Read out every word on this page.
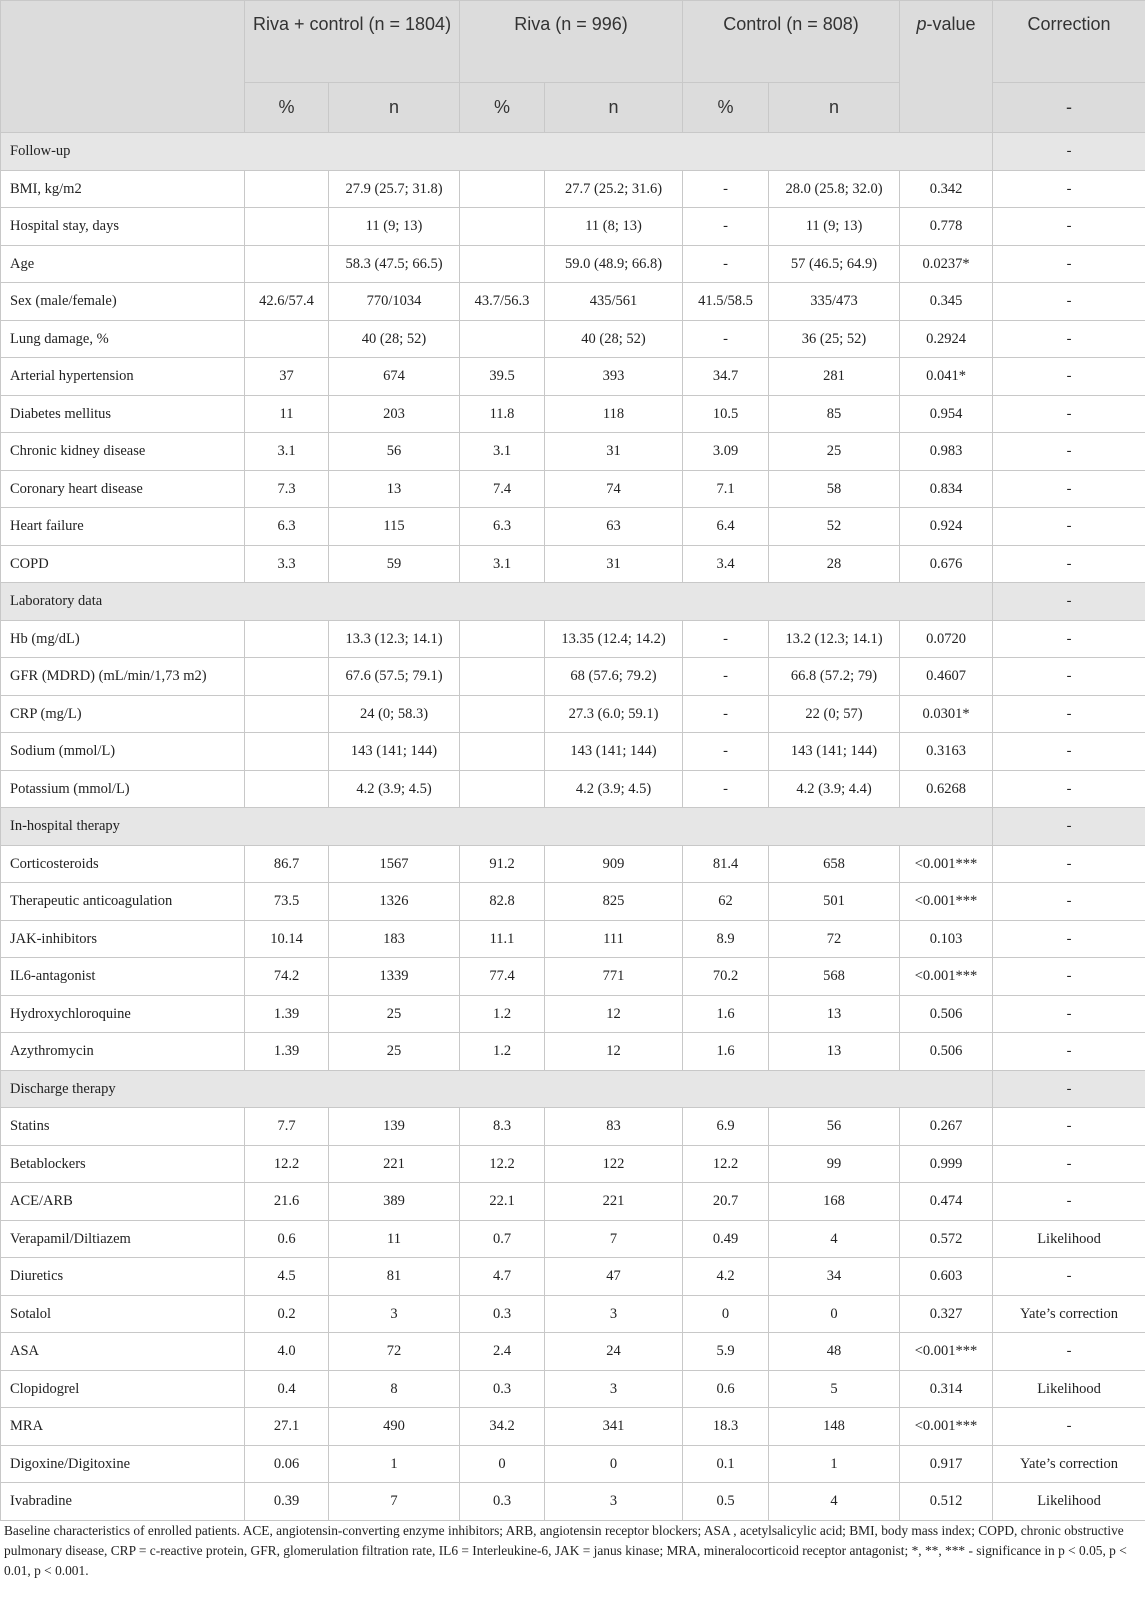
	Riva + control (n = 1804)		Riva (n = 996)		Control (n = 808)		p-value	Correction
	%	n	%	n	%	n		-
Follow-up								-
BMI, kg/m2		27.9 (25.7; 31.8)		27.7 (25.2; 31.6)	-	28.0 (25.8; 32.0)	0.342	-
Hospital stay, days		11 (9; 13)		11 (8; 13)	-	11 (9; 13)	0.778	-
Age		58.3 (47.5; 66.5)		59.0 (48.9; 66.8)	-	57 (46.5; 64.9)	0.0237*	-
Sex (male/female)	42.6/57.4	770/1034	43.7/56.3	435/561	41.5/58.5	335/473	0.345	-
Lung damage, %		40 (28; 52)		40 (28; 52)	-	36 (25; 52)	0.2924	-
Arterial hypertension	37	674	39.5	393	34.7	281	0.041*	-
Diabetes mellitus	11	203	11.8	118	10.5	85	0.954	-
Chronic kidney disease	3.1	56	3.1	31	3.09	25	0.983	-
Coronary heart disease	7.3	13	7.4	74	7.1	58	0.834	-
Heart failure	6.3	115	6.3	63	6.4	52	0.924	-
COPD	3.3	59	3.1	31	3.4	28	0.676	-
Laboratory data								-
Hb (mg/dL)		13.3 (12.3; 14.1)		13.35 (12.4; 14.2)	-	13.2 (12.3; 14.1)	0.0720	-
GFR (MDRD) (mL/min/1,73 m2)		67.6 (57.5; 79.1)		68 (57.6; 79.2)	-	66.8 (57.2; 79)	0.4607	-
CRP (mg/L)		24 (0; 58.3)		27.3 (6.0; 59.1)	-	22 (0; 57)	0.0301*	-
Sodium (mmol/L)		143 (141; 144)		143 (141; 144)	-	143 (141; 144)	0.3163	-
Potassium (mmol/L)		4.2 (3.9; 4.5)		4.2 (3.9; 4.5)	-	4.2 (3.9; 4.4)	0.6268	-
In-hospital therapy								-
Corticosteroids	86.7	1567	91.2	909	81.4	658	<0.001***	-
Therapeutic anticoagulation	73.5	1326	82.8	825	62	501	<0.001***	-
JAK-inhibitors	10.14	183	11.1	111	8.9	72	0.103	-
IL6-antagonist	74.2	1339	77.4	771	70.2	568	<0.001***	-
Hydroxychloroquine	1.39	25	1.2	12	1.6	13	0.506	-
Azythromycin	1.39	25	1.2	12	1.6	13	0.506	-
Discharge therapy								-
Statins	7.7	139	8.3	83	6.9	56	0.267	-
Betablockers	12.2	221	12.2	122	12.2	99	0.999	-
ACE/ARB	21.6	389	22.1	221	20.7	168	0.474	-
Verapamil/Diltiazem	0.6	11	0.7	7	0.49	4	0.572	Likelihood
Diuretics	4.5	81	4.7	47	4.2	34	0.603	-
Sotalol	0.2	3	0.3	3	0	0	0.327	Yate’s correction
ASA	4.0	72	2.4	24	5.9	48	<0.001***	-
Clopidogrel	0.4	8	0.3	3	0.6	5	0.314	Likelihood
MRA	27.1	490	34.2	341	18.3	148	<0.001***	-
Digoxine/Digitoxine	0.06	1	0	0	0.1	1	0.917	Yate’s correction
Ivabradine	0.39	7	0.3	3	0.5	4	0.512	Likelihood
Baseline characteristics of enrolled patients. ACE, angiotensin-converting enzyme inhibitors; ARB, angiotensin receptor blockers; ASA , acetylsalicylic acid; BMI, body mass index; COPD, chronic obstructive pulmonary disease, CRP = c-reactive protein, GFR, glomerulation filtration rate, IL6 = Interleukine-6, JAK = janus kinase; MRA, mineralocorticoid receptor antagonist; *, **, *** - significance in p < 0.05, p < 0.01, p < 0.001.
